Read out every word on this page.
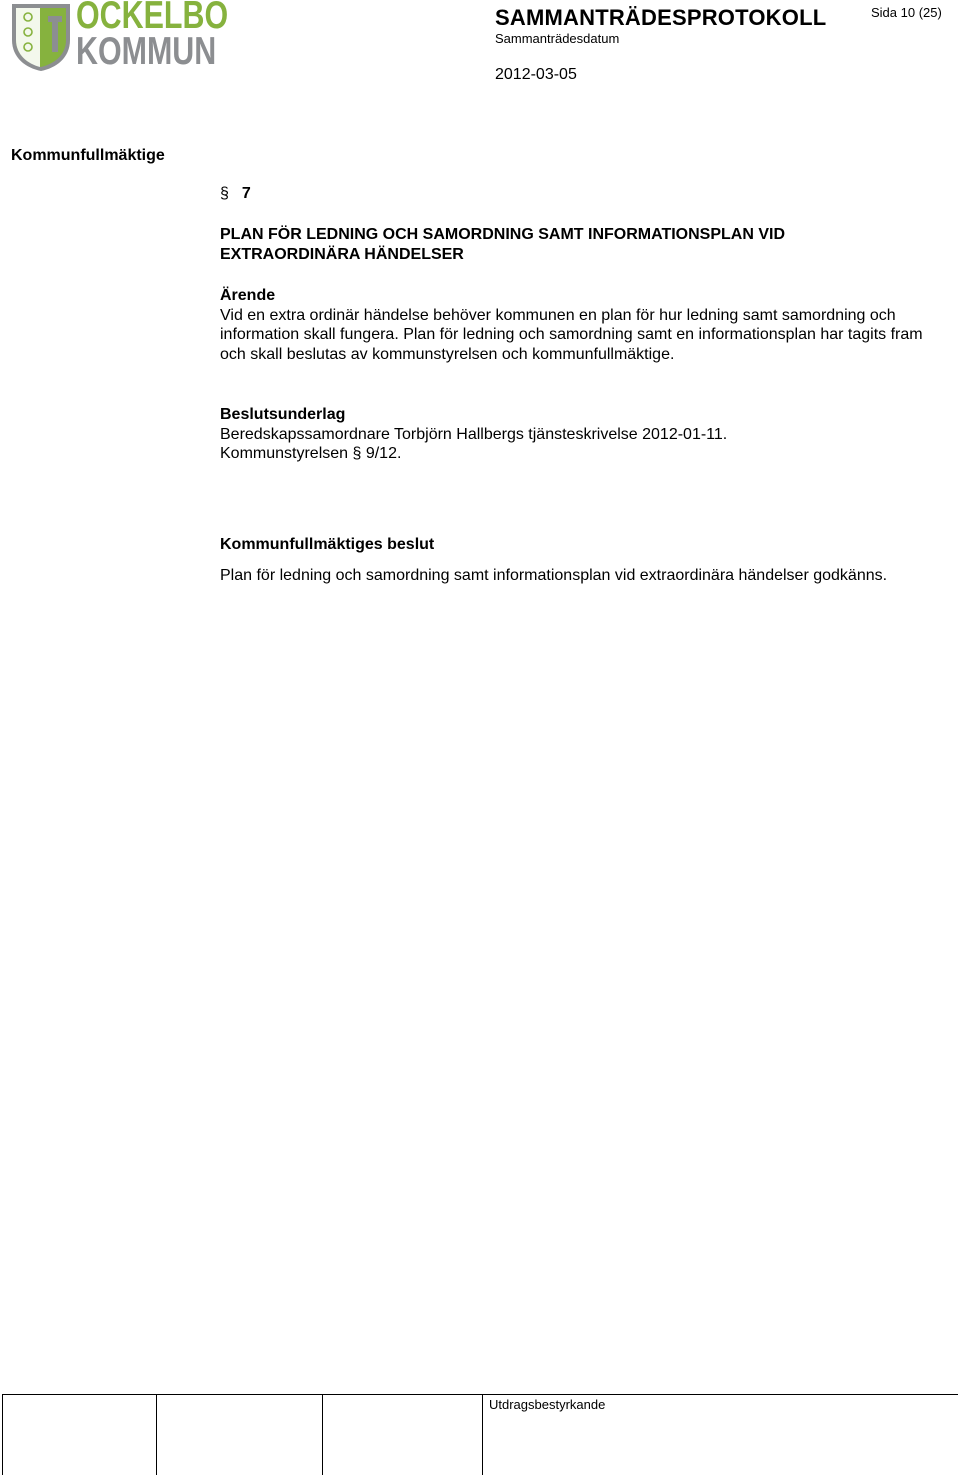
OCKELBO
KOMMUN
SAMMANTRÄDESPROTOKOLL
Sammanträdesdatum
2012-03-05
Sida 10 (25)
Kommunfullmäktige
§ 7
PLAN FÖR LEDNING OCH SAMORDNING SAMT INFORMATIONSPLAN VID
EXTRAORDINÄRA HÄNDELSER
Ärende
Vid en extra ordinär händelse behöver kommunen en plan för hur ledning samt samordning och
information skall fungera. Plan för ledning och samordning samt en informationsplan har tagits fram
och skall beslutas av kommunstyrelsen och kommunfullmäktige.
Beslutsunderlag
Beredskapssamordnare Torbjörn Hallbergs tjänsteskrivelse 2012-01-11.
Kommunstyrelsen § 9/12.
Kommunfullmäktiges beslut
Plan för ledning och samordning samt informationsplan vid extraordinära händelser godkänns.
Utdragsbestyrkande
